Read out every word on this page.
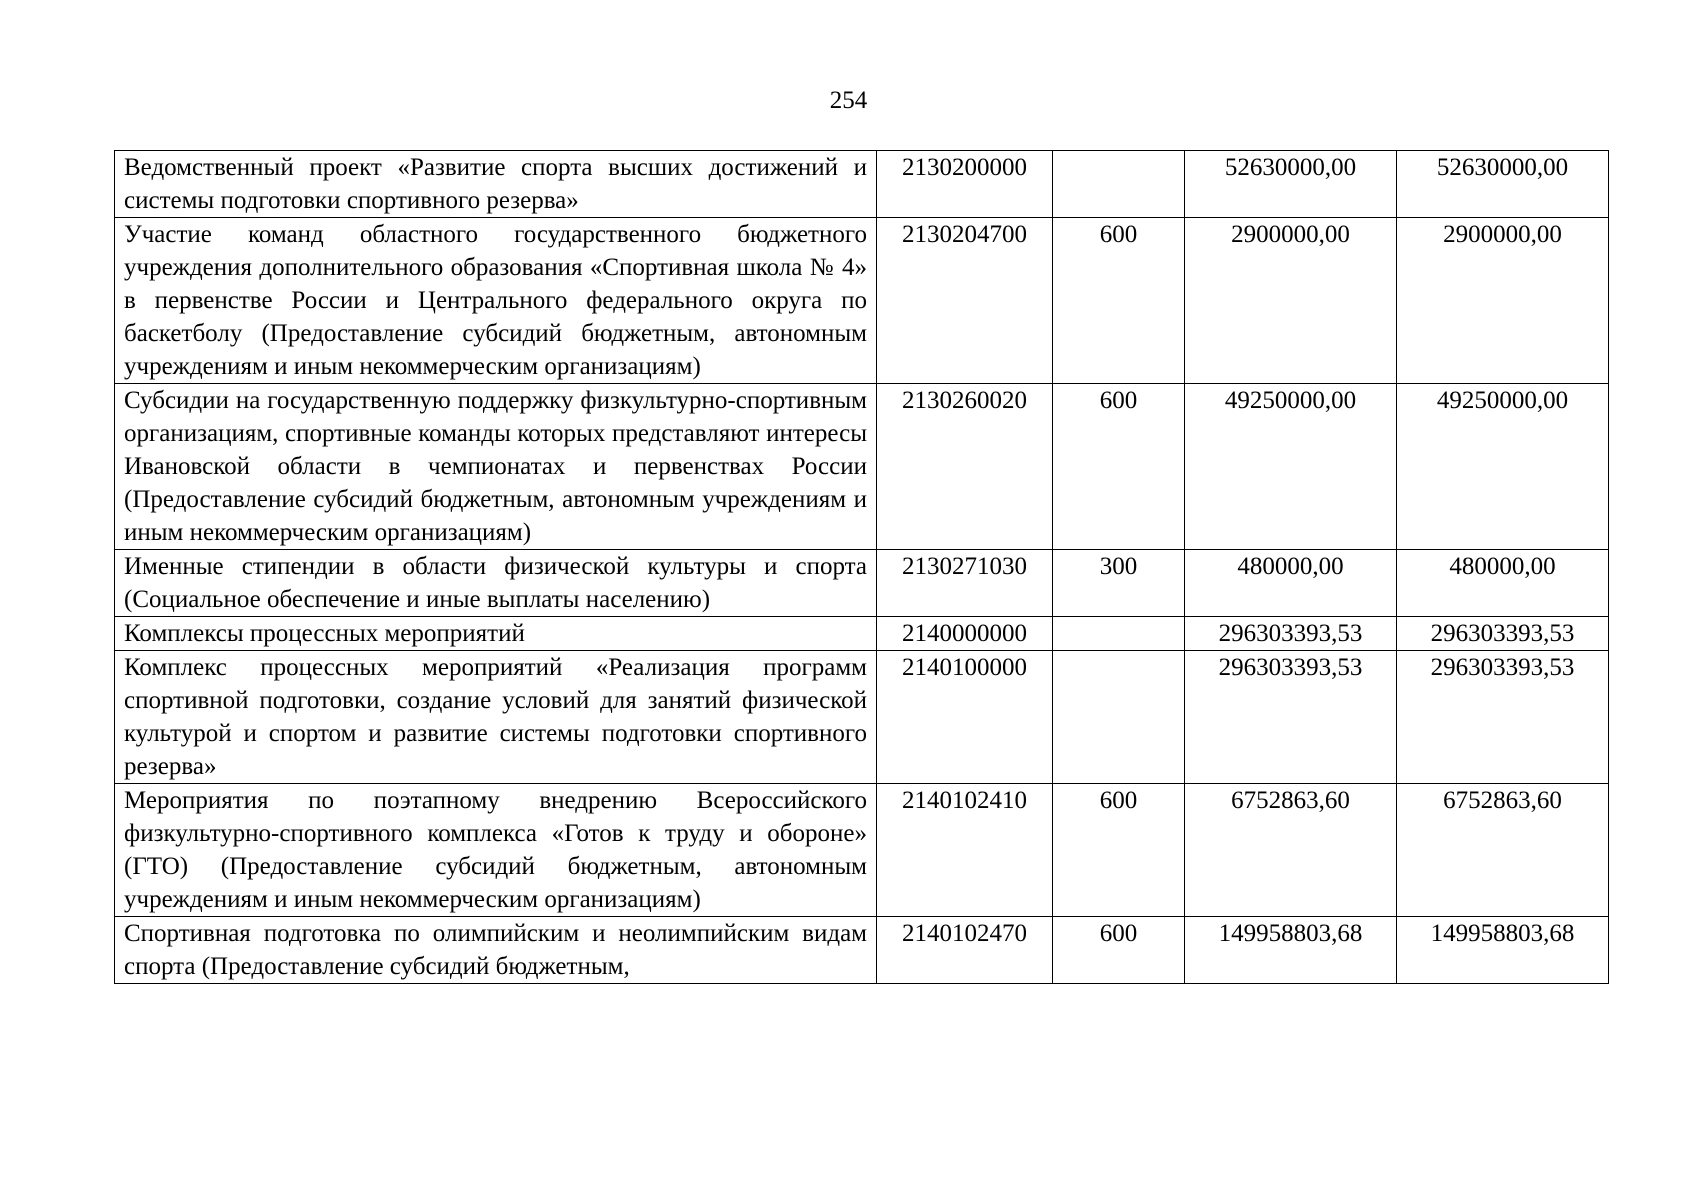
254
Ведомственный проект «Развитие спорта высших достижений и системы подготовки спортивного резерва»	2130200000		52630000,00	52630000,00
Участие команд областного государственного бюджетного учреждения дополнительного образования «Спортивная школа № 4» в первенстве России и Центрального федерального округа по баскетболу (Предоставление субсидий бюджетным, автономным учреждениям и иным некоммерческим организациям)	2130204700	600	2900000,00	2900000,00
Субсидии на государственную поддержку физкультурно-спортивным организациям, спортивные команды которых представляют интересы Ивановской области в чемпионатах и первенствах России (Предоставление субсидий бюджетным, автономным учреждениям и иным некоммерческим организациям)	2130260020	600	49250000,00	49250000,00
Именные стипендии в области физической культуры и спорта (Социальное обеспечение и иные выплаты населению)	2130271030	300	480000,00	480000,00
Комплексы процессных мероприятий	2140000000		296303393,53	296303393,53
Комплекс процессных мероприятий «Реализация программ спортивной подготовки, создание условий для занятий физической культурой и спортом и развитие системы подготовки спортивного резерва»	2140100000		296303393,53	296303393,53
Мероприятия по поэтапному внедрению Всероссийского физкультурно-спортивного комплекса «Готов к труду и обороне» (ГТО) (Предоставление субсидий бюджетным, автономным учреждениям и иным некоммерческим организациям)	2140102410	600	6752863,60	6752863,60
Спортивная подготовка по олимпийским и неолимпийским видам спорта (Предоставление субсидий бюджетным,	2140102470	600	149958803,68	149958803,68
